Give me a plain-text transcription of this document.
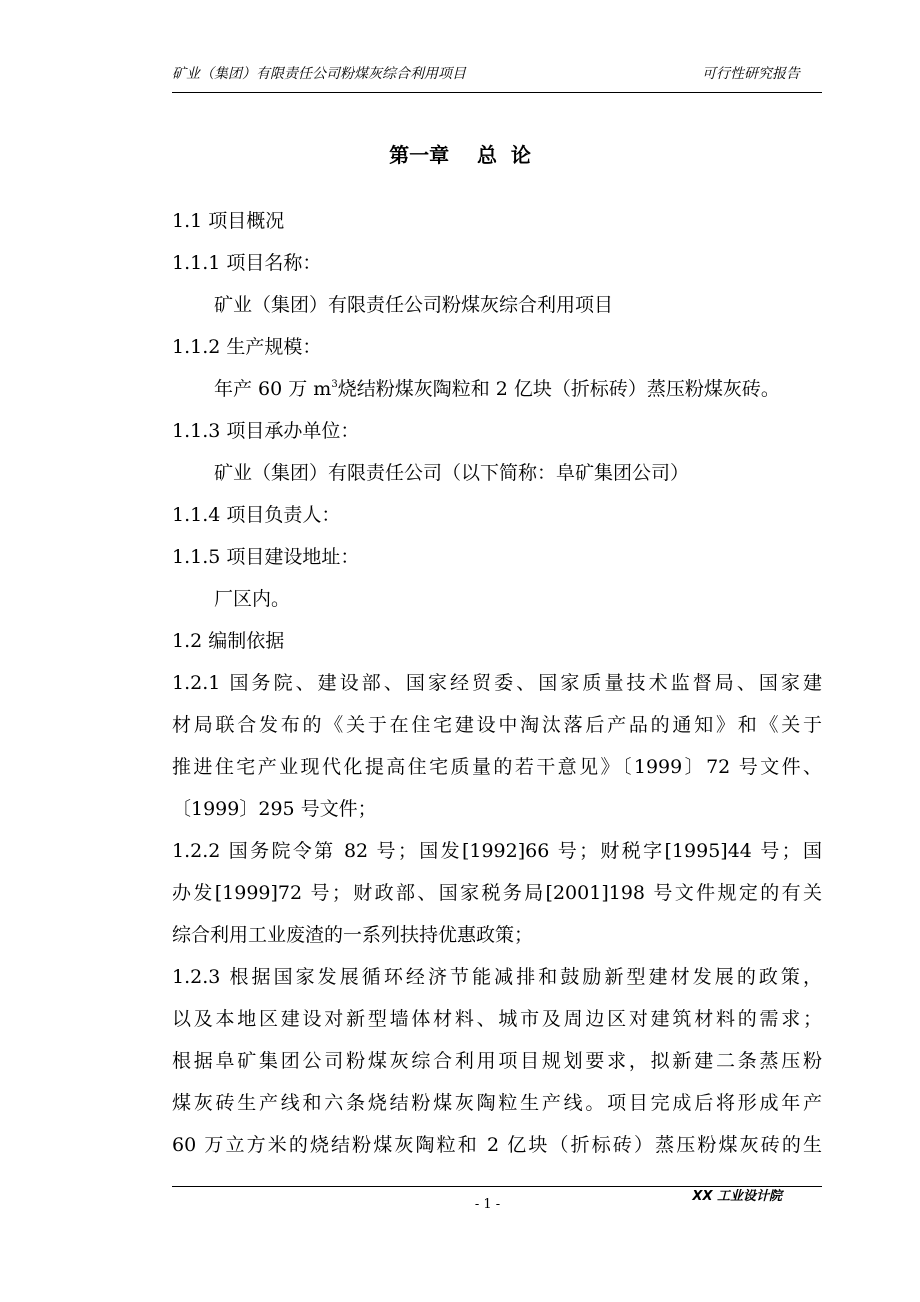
矿业（集团）有限责任公司粉煤灰综合利用项目	可行性研究报告
第一章    总  论
1.1 项目概况
1.1.1 项目名称：
矿业（集团）有限责任公司粉煤灰综合利用项目
1.1.2 生产规模：
年产 60 万 $m^3$烧结粉煤灰陶粒和 2 亿块（折标砖）蒸压粉煤灰砖。
1.1.3 项目承办单位：
矿业（集团）有限责任公司（以下简称：阜矿集团公司）
1.1.4 项目负责人：
1.1.5 项目建设地址：
厂区内。
1.2 编制依据
1.2.1 国务院、建设部、国家经贸委、国家质量技术监督局、国家建
材局联合发布的《关于在住宅建设中淘汰落后产品的通知》和《关于
推进住宅产业现代化提高住宅质量的若干意见》〔1999〕72 号文件、
〔1999〕295 号文件；
1.2.2 国务院令第 82 号；国发[1992]66 号；财税字[1995]44 号；国
办发[1999]72 号；财政部、国家税务局[2001]198 号文件规定的有关
综合利用工业废渣的一系列扶持优惠政策；
1.2.3 根据国家发展循环经济节能减排和鼓励新型建材发展的政策，
以及本地区建设对新型墙体材料、城市及周边区对建筑材料的需求；
根据阜矿集团公司粉煤灰综合利用项目规划要求，拟新建二条蒸压粉
煤灰砖生产线和六条烧结粉煤灰陶粒生产线。项目完成后将形成年产
60 万立方米的烧结粉煤灰陶粒和 2 亿块（折标砖）蒸压粉煤灰砖的生
- 1 -
XX 工业设计院
